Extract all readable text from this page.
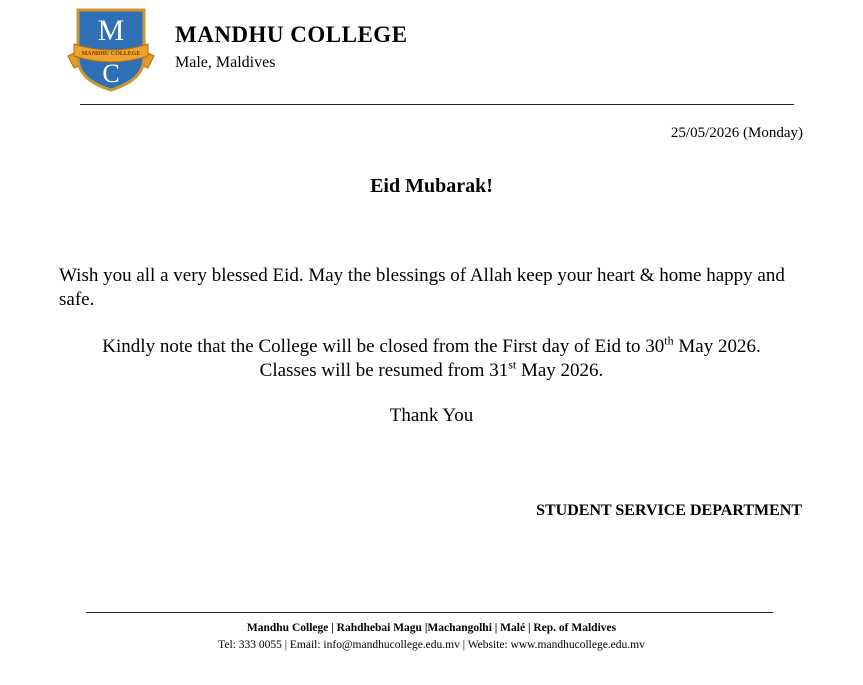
MANDHU COLLEGE
M
C
MANDHU COLLEGE
Male, Maldives
25/05/2026 (Monday)
Eid Mubarak!
Wish you all a very blessed Eid. May the blessings of Allah keep your heart & home happy and safe.
Kindly note that the College will be closed from the First day of Eid to 30th May 2026.
Classes will be resumed from 31st May 2026.
Thank You
STUDENT SERVICE DEPARTMENT
Mandhu College | Rahdhebai Magu |Machangolhi | Malé | Rep. of Maldives
Tel: 333 0055 | Email: info@mandhucollege.edu.mv | Website: www.mandhucollege.edu.mv
